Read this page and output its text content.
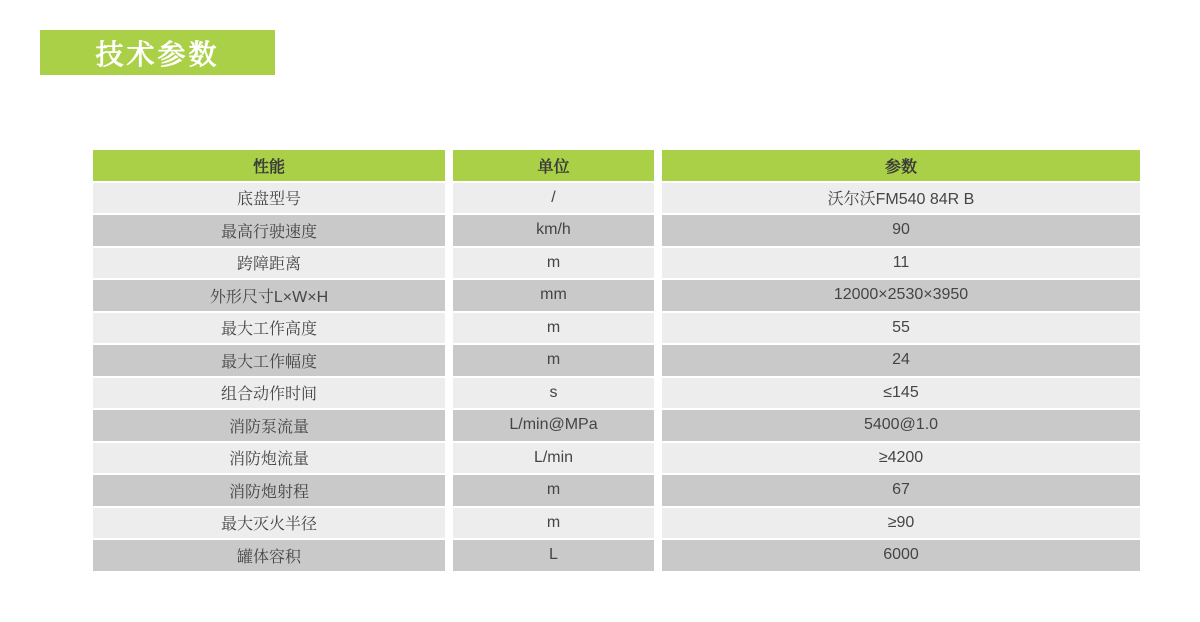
技术参数
性能	单位	参数
底盘型号	/	沃尔沃FM540 84R B
最高行驶速度	km/h	90
跨障距离	m	11
外形尺寸L×W×H	mm	12000×2530×3950
最大工作高度	m	55
最大工作幅度	m	24
组合动作时间	s	≤145
消防泵流量	L/min@MPa	5400@1.0
消防炮流量	L/min	≥4200
消防炮射程	m	67
最大灭火半径	m	≥90
罐体容积	L	6000
